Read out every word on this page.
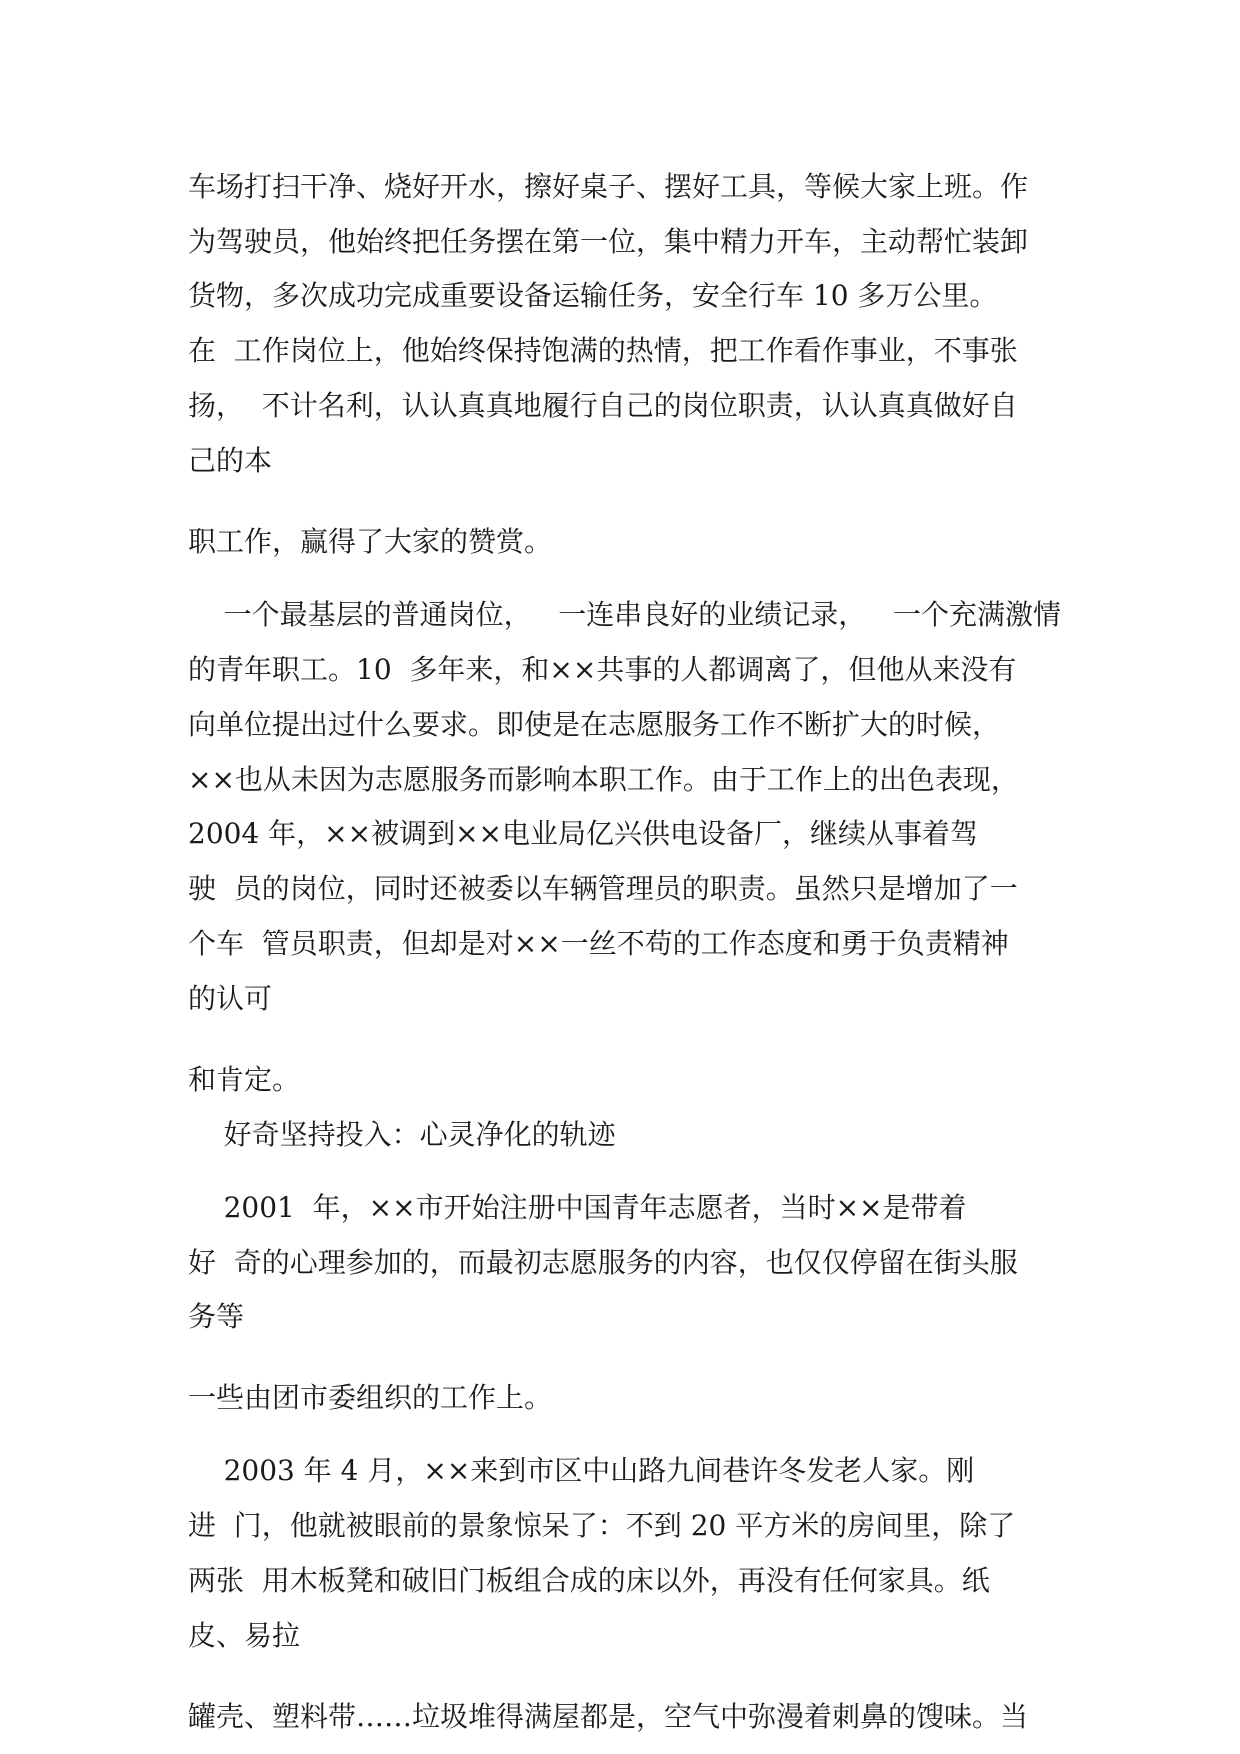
车场打扫干净、烧好开水，擦好桌子、摆好工具，等候大家上班。作

为驾驶员，他始终把任务摆在第一位，集中精力开车，主动帮忙装卸

货物，多次成功完成重要设备运输任务，安全行车 10 多万公里。

在  工作岗位上，他始终保持饱满的热情，把工作看作事业，不事张

扬，  不计名利，认认真真地履行自己的岗位职责，认认真真做好自

己的本

职工作，赢得了大家的赞赏。

一个最基层的普通岗位，   一连串良好的业绩记录，   一个充满激情

的青年职工。10  多年来，和××共事的人都调离了，但他从来没有

向单位提出过什么要求。即使是在志愿服务工作不断扩大的时候，

××也从未因为志愿服务而影响本职工作。由于工作上的出色表现，

2004 年，××被调到××电业局亿兴供电设备厂，继续从事着驾

驶  员的岗位，同时还被委以车辆管理员的职责。虽然只是增加了一

个车  管员职责，但却是对××一丝不苟的工作态度和勇于负责精神

的认可

和肯定。

好奇坚持投入：心灵净化的轨迹

2001  年，××市开始注册中国青年志愿者，当时××是带着

好  奇的心理参加的，而最初志愿服务的内容，也仅仅停留在街头服

务等

一些由团市委组织的工作上。

2003 年 4 月，××来到市区中山路九间巷许冬发老人家。刚

进  门，他就被眼前的景象惊呆了：不到 20 平方米的房间里，除了

两张  用木板凳和破旧门板组合成的床以外，再没有任何家具。纸

皮、易拉

罐壳、塑料带……垃圾堆得满屋都是，空气中弥漫着刺鼻的馊味。当
